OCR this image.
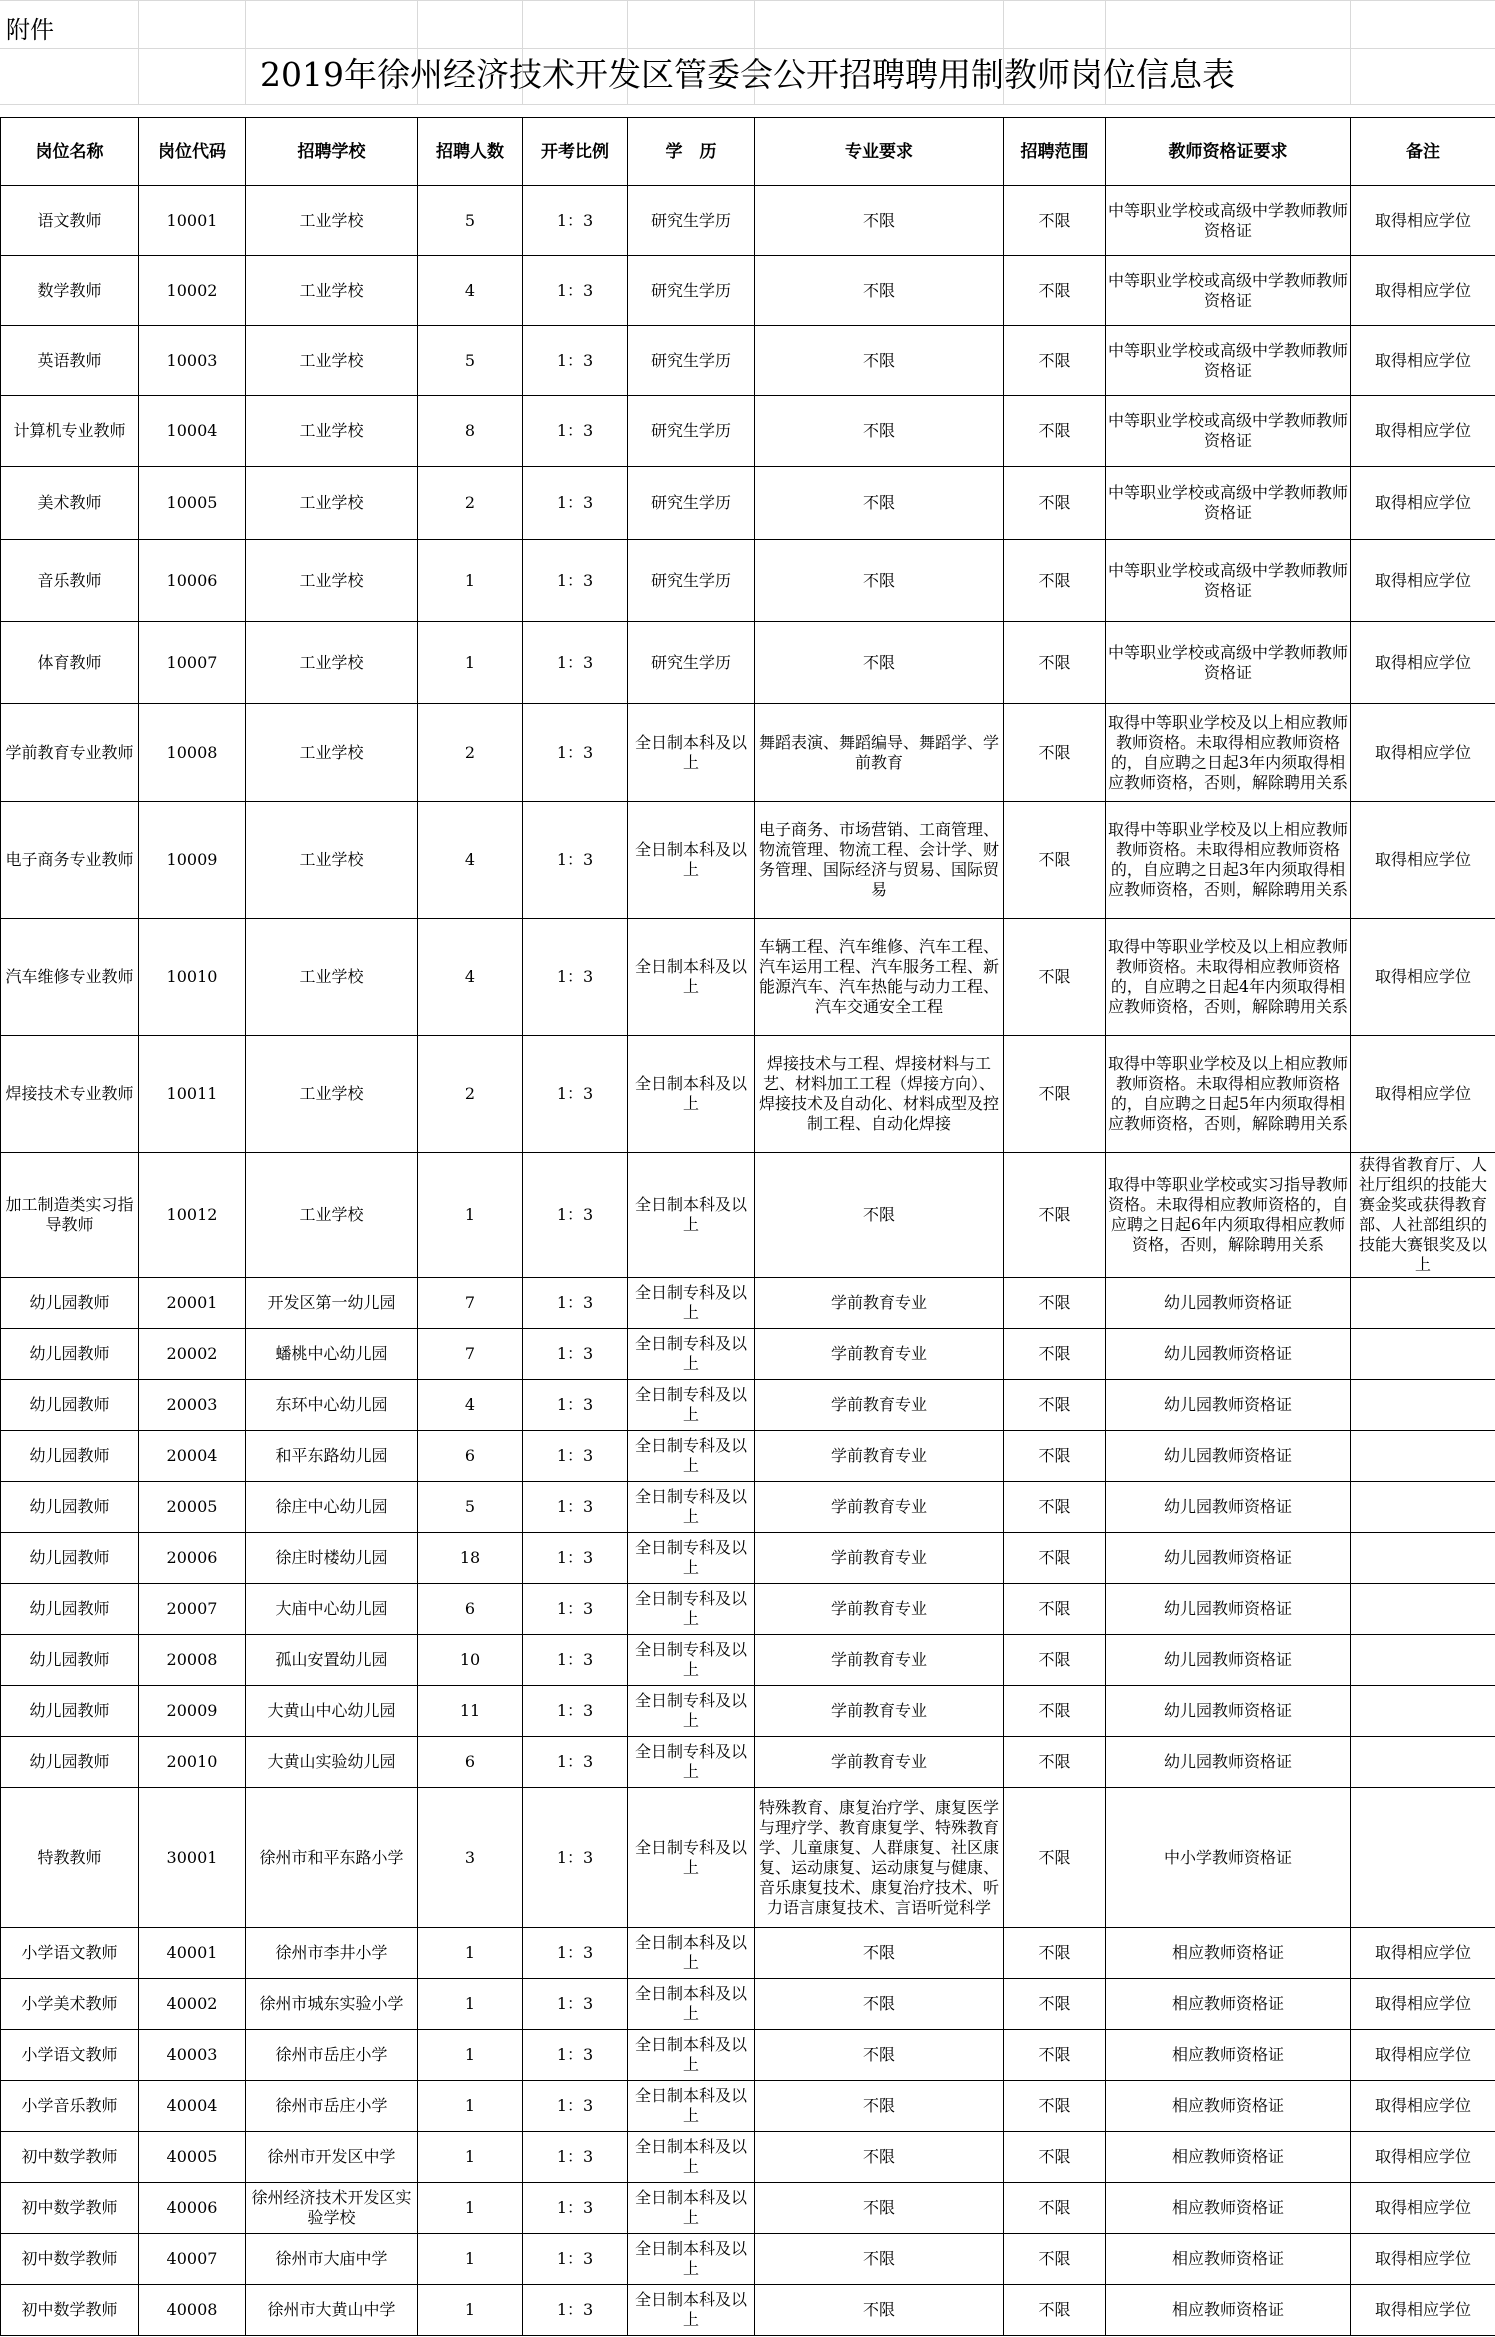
附件
2019年徐州经济技术开发区管委会公开招聘聘用制教师岗位信息表
岗位名称	岗位代码	招聘学校	招聘人数	开考比例	学　历	专业要求	招聘范围	教师资格证要求	备注
语文教师	10001	工业学校	5	1：3	研究生学历	不限	不限	中等职业学校或高级中学教师教师资格证	取得相应学位
数学教师	10002	工业学校	4	1：3	研究生学历	不限	不限	中等职业学校或高级中学教师教师资格证	取得相应学位
英语教师	10003	工业学校	5	1：3	研究生学历	不限	不限	中等职业学校或高级中学教师教师资格证	取得相应学位
计算机专业教师	10004	工业学校	8	1：3	研究生学历	不限	不限	中等职业学校或高级中学教师教师资格证	取得相应学位
美术教师	10005	工业学校	2	1：3	研究生学历	不限	不限	中等职业学校或高级中学教师教师资格证	取得相应学位
音乐教师	10006	工业学校	1	1：3	研究生学历	不限	不限	中等职业学校或高级中学教师教师资格证	取得相应学位
体育教师	10007	工业学校	1	1：3	研究生学历	不限	不限	中等职业学校或高级中学教师教师资格证	取得相应学位
学前教育专业教师	10008	工业学校	2	1：3	全日制本科及以上	舞蹈表演、舞蹈编导、舞蹈学、学前教育	不限	取得中等职业学校及以上相应教师教师资格。未取得相应教师资格的，自应聘之日起3年内须取得相应教师资格，否则，解除聘用关系	取得相应学位
电子商务专业教师	10009	工业学校	4	1：3	全日制本科及以上	电子商务、市场营销、工商管理、物流管理、物流工程、会计学、财务管理、国际经济与贸易、国际贸易	不限	取得中等职业学校及以上相应教师教师资格。未取得相应教师资格的，自应聘之日起3年内须取得相应教师资格，否则，解除聘用关系	取得相应学位
汽车维修专业教师	10010	工业学校	4	1：3	全日制本科及以上	车辆工程、汽车维修、汽车工程、汽车运用工程、汽车服务工程、新能源汽车、汽车热能与动力工程、汽车交通安全工程	不限	取得中等职业学校及以上相应教师教师资格。未取得相应教师资格的，自应聘之日起4年内须取得相应教师资格，否则，解除聘用关系	取得相应学位
焊接技术专业教师	10011	工业学校	2	1：3	全日制本科及以上	焊接技术与工程、焊接材料与工艺、材料加工工程（焊接方向）、焊接技术及自动化、材料成型及控制工程、自动化焊接	不限	取得中等职业学校及以上相应教师教师资格。未取得相应教师资格的，自应聘之日起5年内须取得相应教师资格，否则，解除聘用关系	取得相应学位
加工制造类实习指导教师	10012	工业学校	1	1：3	全日制本科及以上	不限	不限	取得中等职业学校或实习指导教师资格。未取得相应教师资格的，自应聘之日起6年内须取得相应教师资格，否则，解除聘用关系	获得省教育厅、人社厅组织的技能大赛金奖或获得教育部、人社部组织的技能大赛银奖及以上
幼儿园教师	20001	开发区第一幼儿园	7	1：3	全日制专科及以上	学前教育专业	不限	幼儿园教师资格证	
幼儿园教师	20002	蟠桃中心幼儿园	7	1：3	全日制专科及以上	学前教育专业	不限	幼儿园教师资格证	
幼儿园教师	20003	东环中心幼儿园	4	1：3	全日制专科及以上	学前教育专业	不限	幼儿园教师资格证	
幼儿园教师	20004	和平东路幼儿园	6	1：3	全日制专科及以上	学前教育专业	不限	幼儿园教师资格证	
幼儿园教师	20005	徐庄中心幼儿园	5	1：3	全日制专科及以上	学前教育专业	不限	幼儿园教师资格证	
幼儿园教师	20006	徐庄时楼幼儿园	18	1：3	全日制专科及以上	学前教育专业	不限	幼儿园教师资格证	
幼儿园教师	20007	大庙中心幼儿园	6	1：3	全日制专科及以上	学前教育专业	不限	幼儿园教师资格证	
幼儿园教师	20008	孤山安置幼儿园	10	1：3	全日制专科及以上	学前教育专业	不限	幼儿园教师资格证	
幼儿园教师	20009	大黄山中心幼儿园	11	1：3	全日制专科及以上	学前教育专业	不限	幼儿园教师资格证	
幼儿园教师	20010	大黄山实验幼儿园	6	1：3	全日制专科及以上	学前教育专业	不限	幼儿园教师资格证	
特教教师	30001	徐州市和平东路小学	3	1：3	全日制专科及以上	特殊教育、康复治疗学、康复医学与理疗学、教育康复学、特殊教育学、儿童康复、人群康复、社区康复、运动康复、运动康复与健康、音乐康复技术、康复治疗技术、听力语言康复技术、言语听觉科学	不限	中小学教师资格证	
小学语文教师	40001	徐州市李井小学	1	1：3	全日制本科及以上	不限	不限	相应教师资格证	取得相应学位
小学美术教师	40002	徐州市城东实验小学	1	1：3	全日制本科及以上	不限	不限	相应教师资格证	取得相应学位
小学语文教师	40003	徐州市岳庄小学	1	1：3	全日制本科及以上	不限	不限	相应教师资格证	取得相应学位
小学音乐教师	40004	徐州市岳庄小学	1	1：3	全日制本科及以上	不限	不限	相应教师资格证	取得相应学位
初中数学教师	40005	徐州市开发区中学	1	1：3	全日制本科及以上	不限	不限	相应教师资格证	取得相应学位
初中数学教师	40006	徐州经济技术开发区实验学校	1	1：3	全日制本科及以上	不限	不限	相应教师资格证	取得相应学位
初中数学教师	40007	徐州市大庙中学	1	1：3	全日制本科及以上	不限	不限	相应教师资格证	取得相应学位
初中数学教师	40008	徐州市大黄山中学	1	1：3	全日制本科及以上	不限	不限	相应教师资格证	取得相应学位
